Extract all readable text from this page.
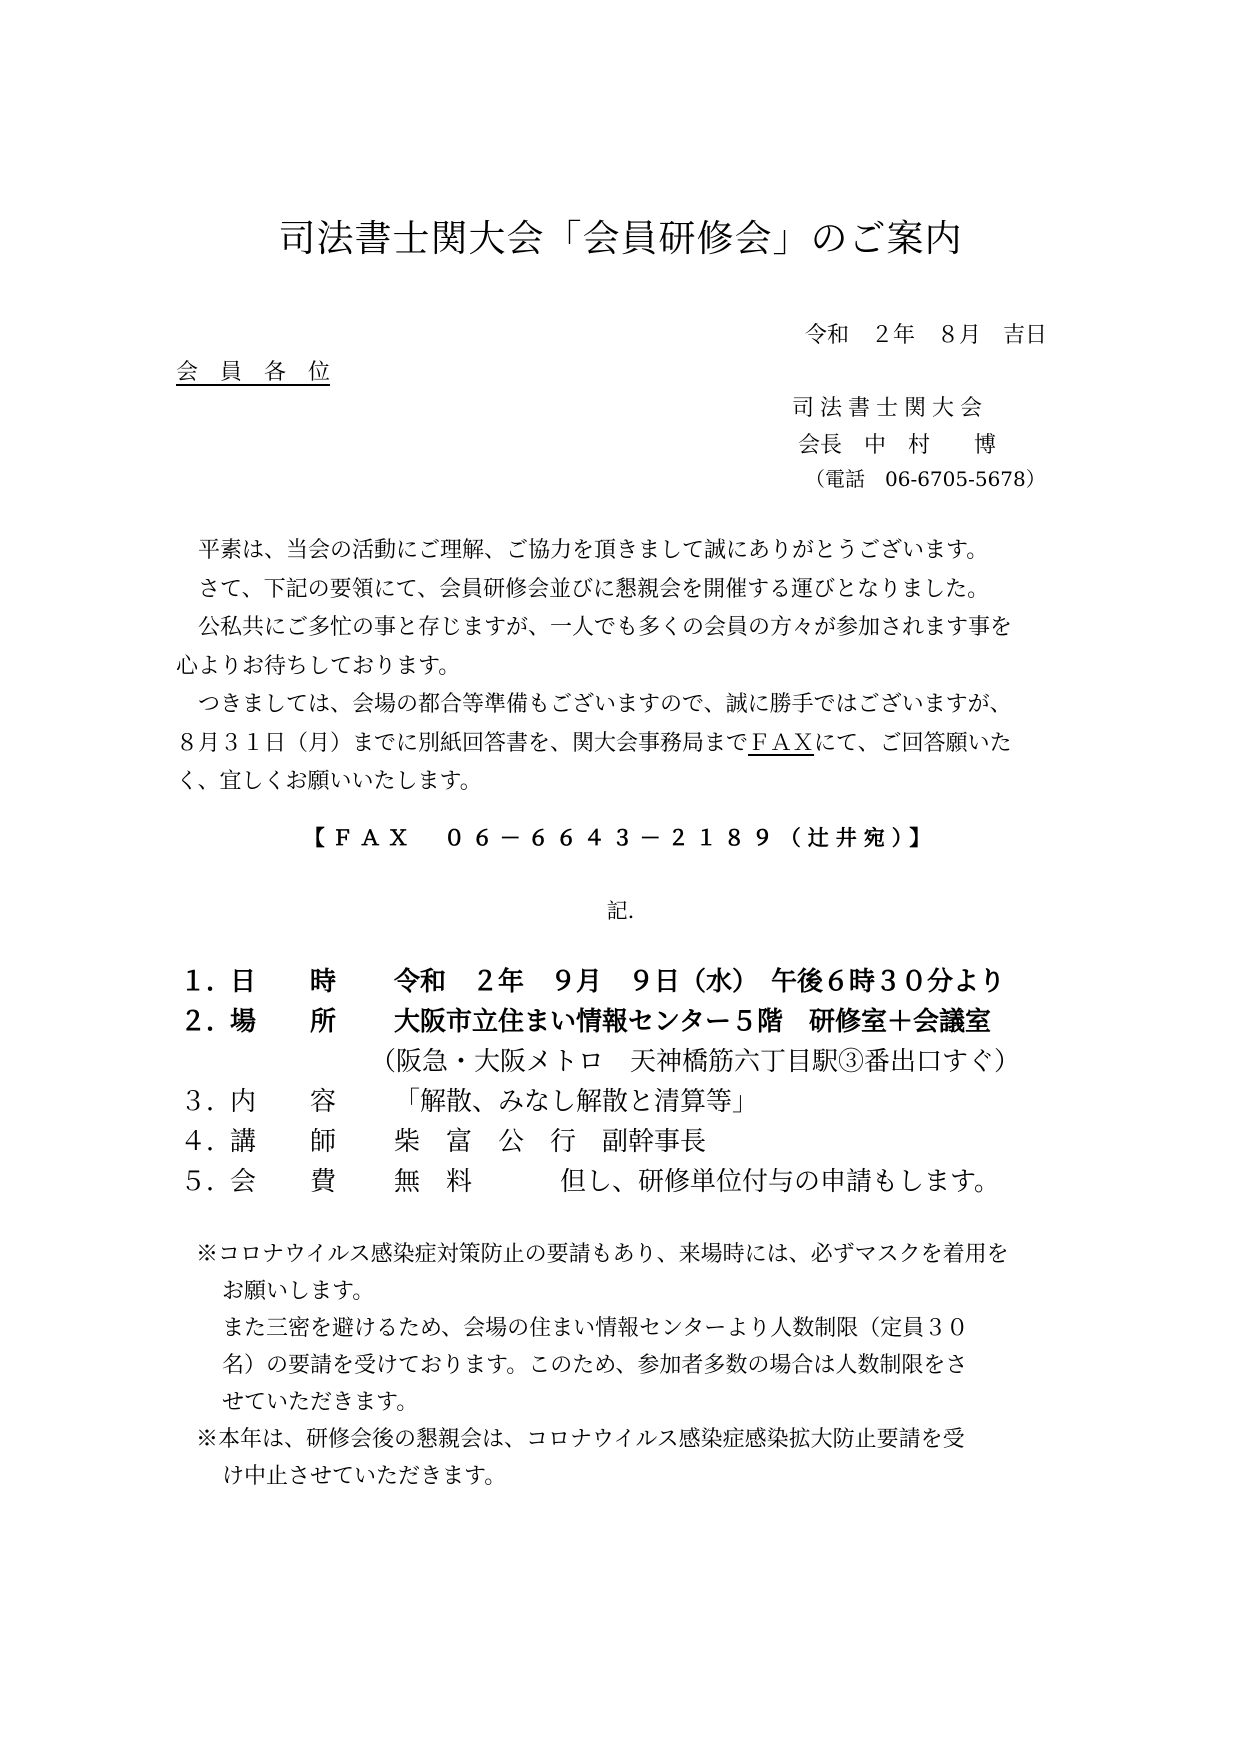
司法書士関大会「会員研修会」のご案内
令和　２年　８月　吉日
会　員　各　位
司法書士関大会
会長　中　村　　博
（電話　06-6705-5678）

　平素は、当会の活動にご理解、ご協力を頂きまして誠にありがとうございます。

　さて、下記の要領にて、会員研修会並びに懇親会を開催する運びとなりました。

　公私共にご多忙の事と存じますが、一人でも多くの会員の方々が参加されます事を

心よりお待ちしております。

　つきましては、会場の都合等準備もございますので、誠に勝手ではございますが、

８月３１日（月）までに別紙回答書を、関大会事務局までＦＡＸにて、ご回答願いた

く、宜しくお願いいたします。

【ＦＡＸ　０６－６６４３－２１８９（辻井宛）】
記.
１．
日時 令和　２年　９月　９日（水）　午後６時３０分より
２．
場所 大阪市立住まい情報センター５階　研修室＋会議室
（阪急・大阪メトロ　天神橋筋六丁目駅③番出口すぐ）
３．
内容 「解散、みなし解散と清算等」
４．
講師 柴　富　公　行　副幹事長
５．
会費 無　料	但し、研修単位付与の申請もします。

※コロナウイルス感染症対策防止の要請もあり、来場時には、必ずマスクを着用を

お願いします。

また三密を避けるため、会場の住まい情報センターより人数制限（定員３０

名）の要請を受けております。このため、参加者多数の場合は人数制限をさ

せていただきます。

※本年は、研修会後の懇親会は、コロナウイルス感染症感染拡大防止要請を受

け中止させていただきます。
